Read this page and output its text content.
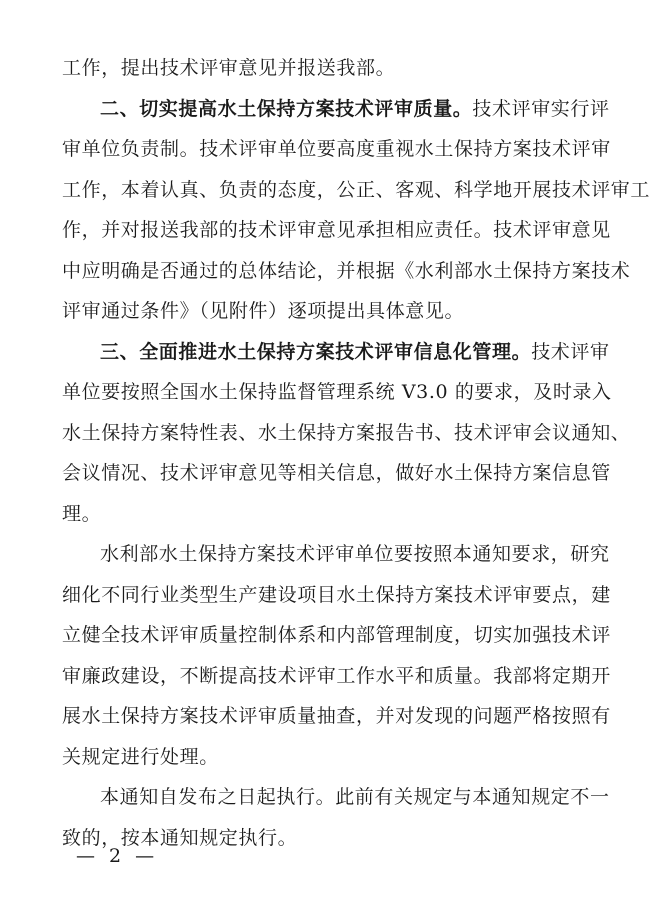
工作，提出技术评审意见并报送我部。
二、切实提高水土保持方案技术评审质量。技术评审实行评
审单位负责制。技术评审单位要高度重视水土保持方案技术评审
工作，本着认真、负责的态度，公正、客观、科学地开展技术评审工
作，并对报送我部的技术评审意见承担相应责任。技术评审意见
中应明确是否通过的总体结论，并根据《水利部水土保持方案技术
评审通过条件》（见附件）逐项提出具体意见。
三、全面推进水土保持方案技术评审信息化管理。技术评审
单位要按照全国水土保持监督管理系统 V3.0 的要求，及时录入
水土保持方案特性表、水土保持方案报告书、技术评审会议通知、
会议情况、技术评审意见等相关信息，做好水土保持方案信息管
理。
水利部水土保持方案技术评审单位要按照本通知要求，研究
细化不同行业类型生产建设项目水土保持方案技术评审要点，建
立健全技术评审质量控制体系和内部管理制度，切实加强技术评
审廉政建设，不断提高技术评审工作水平和质量。我部将定期开
展水土保持方案技术评审质量抽查，并对发现的问题严格按照有
关规定进行处理。
本通知自发布之日起执行。此前有关规定与本通知规定不一
致的，按本通知规定执行。
— 2 —
